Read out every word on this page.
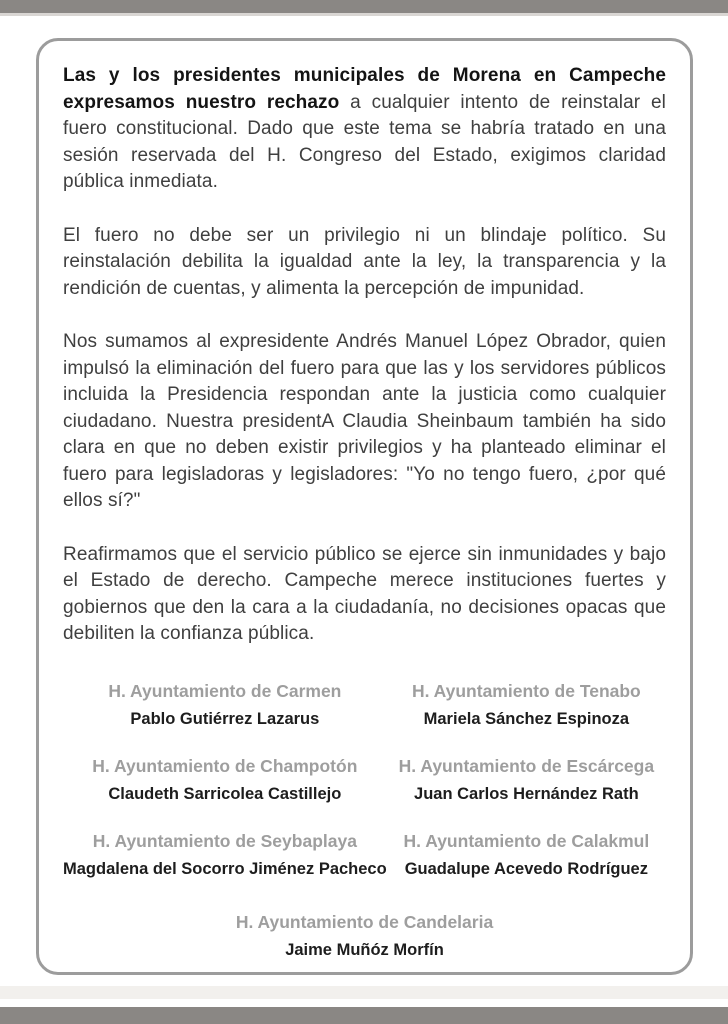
Las y los presidentes municipales de Morena en Campeche expresamos nuestro rechazo a cualquier intento de reinstalar el fuero constitucional. Dado que este tema se habría tratado en una sesión reservada del H. Congreso del Estado, exigimos claridad pública inmediata.

El fuero no debe ser un privilegio ni un blindaje político. Su reinstalación debilita la igualdad ante la ley, la transparencia y la rendición de cuentas, y alimenta la percepción de impunidad.

Nos sumamos al expresidente Andrés Manuel López Obrador, quien impulsó la eliminación del fuero para que las y los servidores públicos incluida la Presidencia respondan ante la justicia como cualquier ciudadano. Nuestra presidentA Claudia Sheinbaum también ha sido clara en que no deben existir privilegios y ha planteado eliminar el fuero para legisladoras y legisladores: "Yo no tengo fuero, ¿por qué ellos sí?"

Reafirmamos que el servicio público se ejerce sin inmunidades y bajo el Estado de derecho. Campeche merece instituciones fuertes y gobiernos que den la cara a la ciudadanía, no decisiones opacas que debiliten la confianza pública.

H. Ayuntamiento de Carmen
Pablo Gutiérrez Lazarus
H. Ayuntamiento de Tenabo
Mariela Sánchez Espinoza
H. Ayuntamiento de Champotón
Claudeth Sarricolea Castillejo
H. Ayuntamiento de Escárcega
Juan Carlos Hernández Rath
H. Ayuntamiento de Seybaplaya
Magdalena del Socorro Jiménez Pacheco
H. Ayuntamiento de Calakmul
Guadalupe Acevedo Rodríguez
H. Ayuntamiento de Candelaria
Jaime Muñóz Morfín
